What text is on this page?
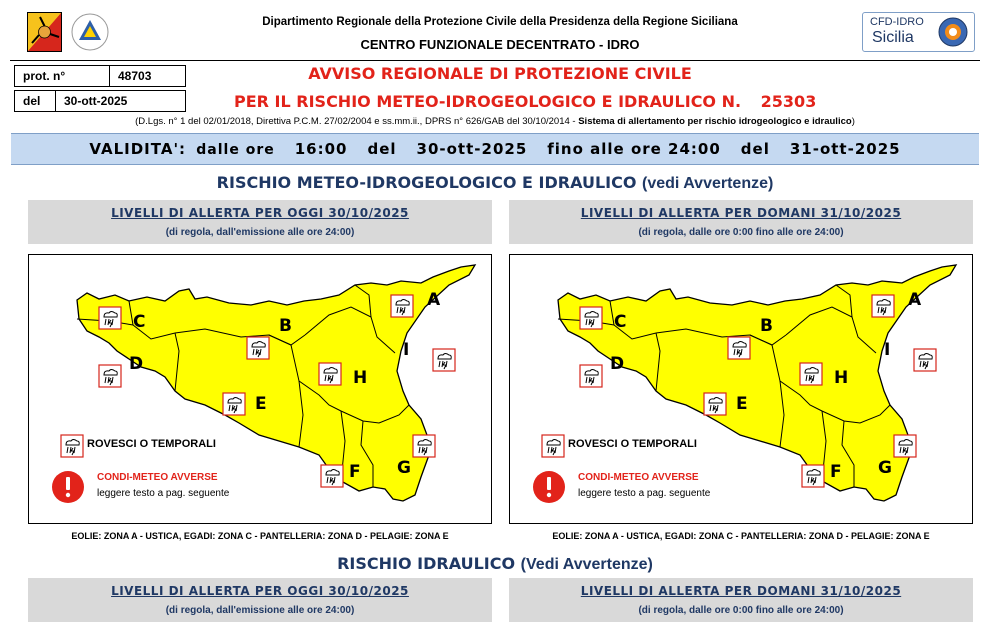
Dipartimento Regionale della Protezione Civile della Presidenza della Regione Siciliana
CENTRO FUNZIONALE DECENTRATO - IDRO
CFD-IDRO
Sicilia
prot. n°	48703
del	30-ott-2025
AVVISO REGIONALE DI PROTEZIONE CIVILE
PER IL RISCHIO METEO-IDROGEOLOGICO E IDRAULICO N. 25303
(D.Lgs. n° 1 del 02/01/2018, Direttiva P.C.M. 27/02/2004 e ss.mm.ii., DPRS n° 626/GAB del 30/10/2014 - Sistema di allertamento per rischio idrogeologico e idraulico)
VALIDITA': dalle ore 16:00 del 30-ott-2025 fino alle ore 24:00 del 31-ott-2025
RISCHIO METEO-IDROGEOLOGICO E IDRAULICO (vedi Avvertenze)
LIVELLI DI ALLERTA PER OGGI 30/10/2025
(di regola, dall'emissione alle ore 24:00)
LIVELLI DI ALLERTA PER DOMANI 31/10/2025
(di regola, dalle ore 0:00 fino alle ore 24:00)
A
B
C
D
E
F G
H
I
ROVESCI O TEMPORALI
CONDI-METEO AVVERSE
leggere testo a pag. seguente
A
B
C
D
E
F G
H
I
ROVESCI O TEMPORALI
CONDI-METEO AVVERSE
leggere testo a pag. seguente
EOLIE: ZONA A - USTICA, EGADI: ZONA C - PANTELLERIA: ZONA D - PELAGIE: ZONA E	EOLIE: ZONA A - USTICA, EGADI: ZONA C - PANTELLERIA: ZONA D - PELAGIE: ZONA E
RISCHIO IDRAULICO (Vedi Avvertenze)
LIVELLI DI ALLERTA PER OGGI 30/10/2025
(di regola, dall'emissione alle ore 24:00)
LIVELLI DI ALLERTA PER DOMANI 31/10/2025
(di regola, dalle ore 0:00 fino alle ore 24:00)
